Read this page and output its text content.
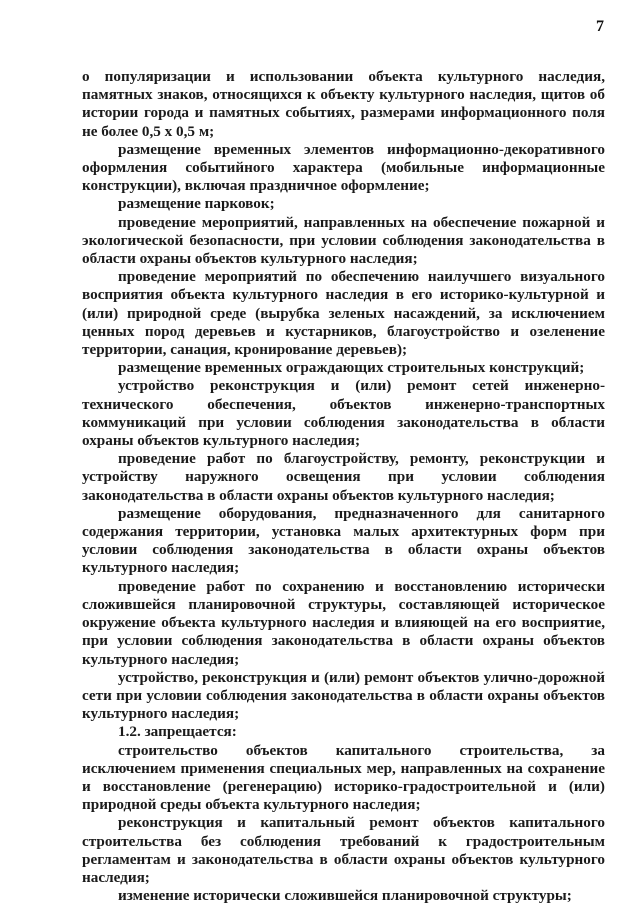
7

о популяризации и использовании объекта культурного наследия, памятных знаков, относящихся к объекту культурного наследия, щитов об истории города и памятных событиях, размерами информационного поля не более 0,5 x 0,5 м;

размещение временных элементов информационно-декоративного оформления событийного характера (мобильные информационные конструкции), включая праздничное оформление;

размещение парковок;

проведение мероприятий, направленных на обеспечение пожарной и экологической безопасности, при условии соблюдения законодательства в области охраны объектов культурного наследия;

проведение мероприятий по обеспечению наилучшего визуального восприятия объекта культурного наследия в его историко-культурной и (или) природной среде (вырубка зеленых насаждений, за исключением ценных пород деревьев и кустарников, благоустройство и озеленение территории, санация, кронирование деревьев);

размещение временных ограждающих строительных конструкций;

устройство реконструкция и (или) ремонт сетей инженерно-технического обеспечения, объектов инженерно-транспортных коммуникаций при условии соблюдения законодательства в области охраны объектов культурного наследия;

проведение работ по благоустройству, ремонту, реконструкции и устройству наружного освещения при условии соблюдения законодательства в области охраны объектов культурного наследия;

размещение оборудования, предназначенного для санитарного содержания территории, установка малых архитектурных форм при условии соблюдения законодательства в области охраны объектов культурного наследия;

проведение работ по сохранению и восстановлению исторически сложившейся планировочной структуры, составляющей историческое окружение объекта культурного наследия и влияющей на его восприятие, при условии соблюдения законодательства в области охраны объектов культурного наследия;

устройство, реконструкция и (или) ремонт объектов улично-дорожной сети при условии соблюдения законодательства в области охраны объектов культурного наследия;

1.2. запрещается:

строительство объектов капитального строительства, за исключением применения специальных мер, направленных на сохранение и восстановление (регенерацию) историко-градостроительной и (или) природной среды объекта культурного наследия;

реконструкция и капитальный ремонт объектов капитального строительства без соблюдения требований к градостроительным регламентам и законодательства в области охраны объектов культурного наследия;

изменение исторически сложившейся планировочной структуры;
